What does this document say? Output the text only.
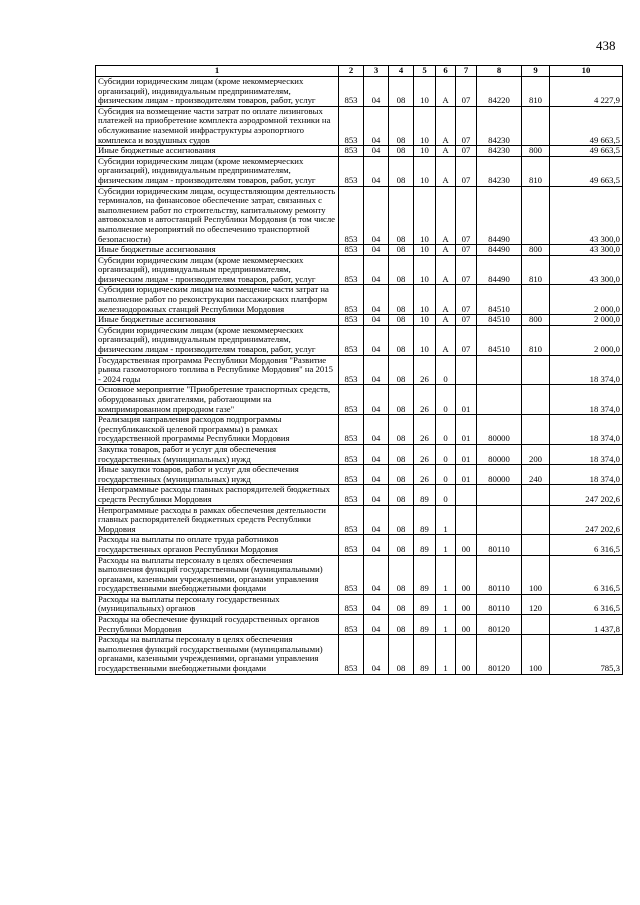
438
1	2	3	4	5	6	7	8	9	10
Субсидии юридическим лицам (кроме некоммерческих организаций), индивидуальным предпринимателям, физическим лицам - производителям товаров, работ, услуг	853	04	08	10	А	07	84220	810	4 227,9
Субсидия на возмещение части затрат по оплате лизинговых платежей на приобретение комплекта аэродромной техники на обслуживание наземной инфраструктуры аэропортного комплекса и воздушных судов	853	04	08	10	А	07	84230		49 663,5
Иные бюджетные ассигнования	853	04	08	10	А	07	84230	800	49 663,5
Субсидии юридическим лицам (кроме некоммерческих организаций), индивидуальным предпринимателям, физическим лицам - производителям товаров, работ, услуг	853	04	08	10	А	07	84230	810	49 663,5
Субсидии юридическим лицам, осуществляющим деятельность терминалов, на финансовое обеспечение затрат, связанных с выполнением работ по строительству, капитальному ремонту автовокзалов и автостанций Республики Мордовия (в том числе выполнение мероприятий по обеспечению транспортной безопасности)	853	04	08	10	А	07	84490		43 300,0
Иные бюджетные ассигнования	853	04	08	10	А	07	84490	800	43 300,0
Субсидии юридическим лицам (кроме некоммерческих организаций), индивидуальным предпринимателям, физическим лицам - производителям товаров, работ, услуг	853	04	08	10	А	07	84490	810	43 300,0
Субсидии юридическим лицам на возмещение части затрат на выполнение работ по реконструкции пассажирских платформ железнодорожных станций Республики Мордовия	853	04	08	10	А	07	84510		2 000,0
Иные бюджетные ассигнования	853	04	08	10	А	07	84510	800	2 000,0
Субсидии юридическим лицам (кроме некоммерческих организаций), индивидуальным предпринимателям, физическим лицам - производителям товаров, работ, услуг	853	04	08	10	А	07	84510	810	2 000,0
Государственная программа Республики Мордовия "Развитие рынка газомоторного топлива в Республике Мордовия" на 2015 - 2024 годы	853	04	08	26	0				18 374,0
Основное мероприятие "Приобретение транспортных средств, оборудованных двигателями, работающими на компримированном природном газе"	853	04	08	26	0	01			18 374,0
Реализация направления расходов подпрограммы (республиканской целевой программы) в рамках государственной программы Республики Мордовия	853	04	08	26	0	01	80000		18 374,0
Закупка товаров, работ и услуг для обеспечения государственных (муниципальных) нужд	853	04	08	26	0	01	80000	200	18 374,0
Иные закупки товаров, работ и услуг для обеспечения государственных (муниципальных) нужд	853	04	08	26	0	01	80000	240	18 374,0
Непрограммные расходы главных распорядителей бюджетных средств Республики Мордовия	853	04	08	89	0				247 202,6
Непрограммные расходы в рамках обеспечения деятельности главных распорядителей бюджетных средств Республики Мордовия	853	04	08	89	1				247 202,6
Расходы на выплаты по оплате труда работников государственных органов Республики Мордовия	853	04	08	89	1	00	80110		6 316,5
Расходы на выплаты персоналу в целях обеспечения выполнения функций государственными (муниципальными) органами, казенными учреждениями, органами управления государственными внебюджетными фондами	853	04	08	89	1	00	80110	100	6 316,5
Расходы на выплаты персоналу государственных (муниципальных) органов	853	04	08	89	1	00	80110	120	6 316,5
Расходы на обеспечение функций государственных органов Республики Мордовия	853	04	08	89	1	00	80120		1 437,8
Расходы на выплаты персоналу в целях обеспечения выполнения функций государственными (муниципальными) органами, казенными учреждениями, органами управления государственными внебюджетными фондами	853	04	08	89	1	00	80120	100	785,3
